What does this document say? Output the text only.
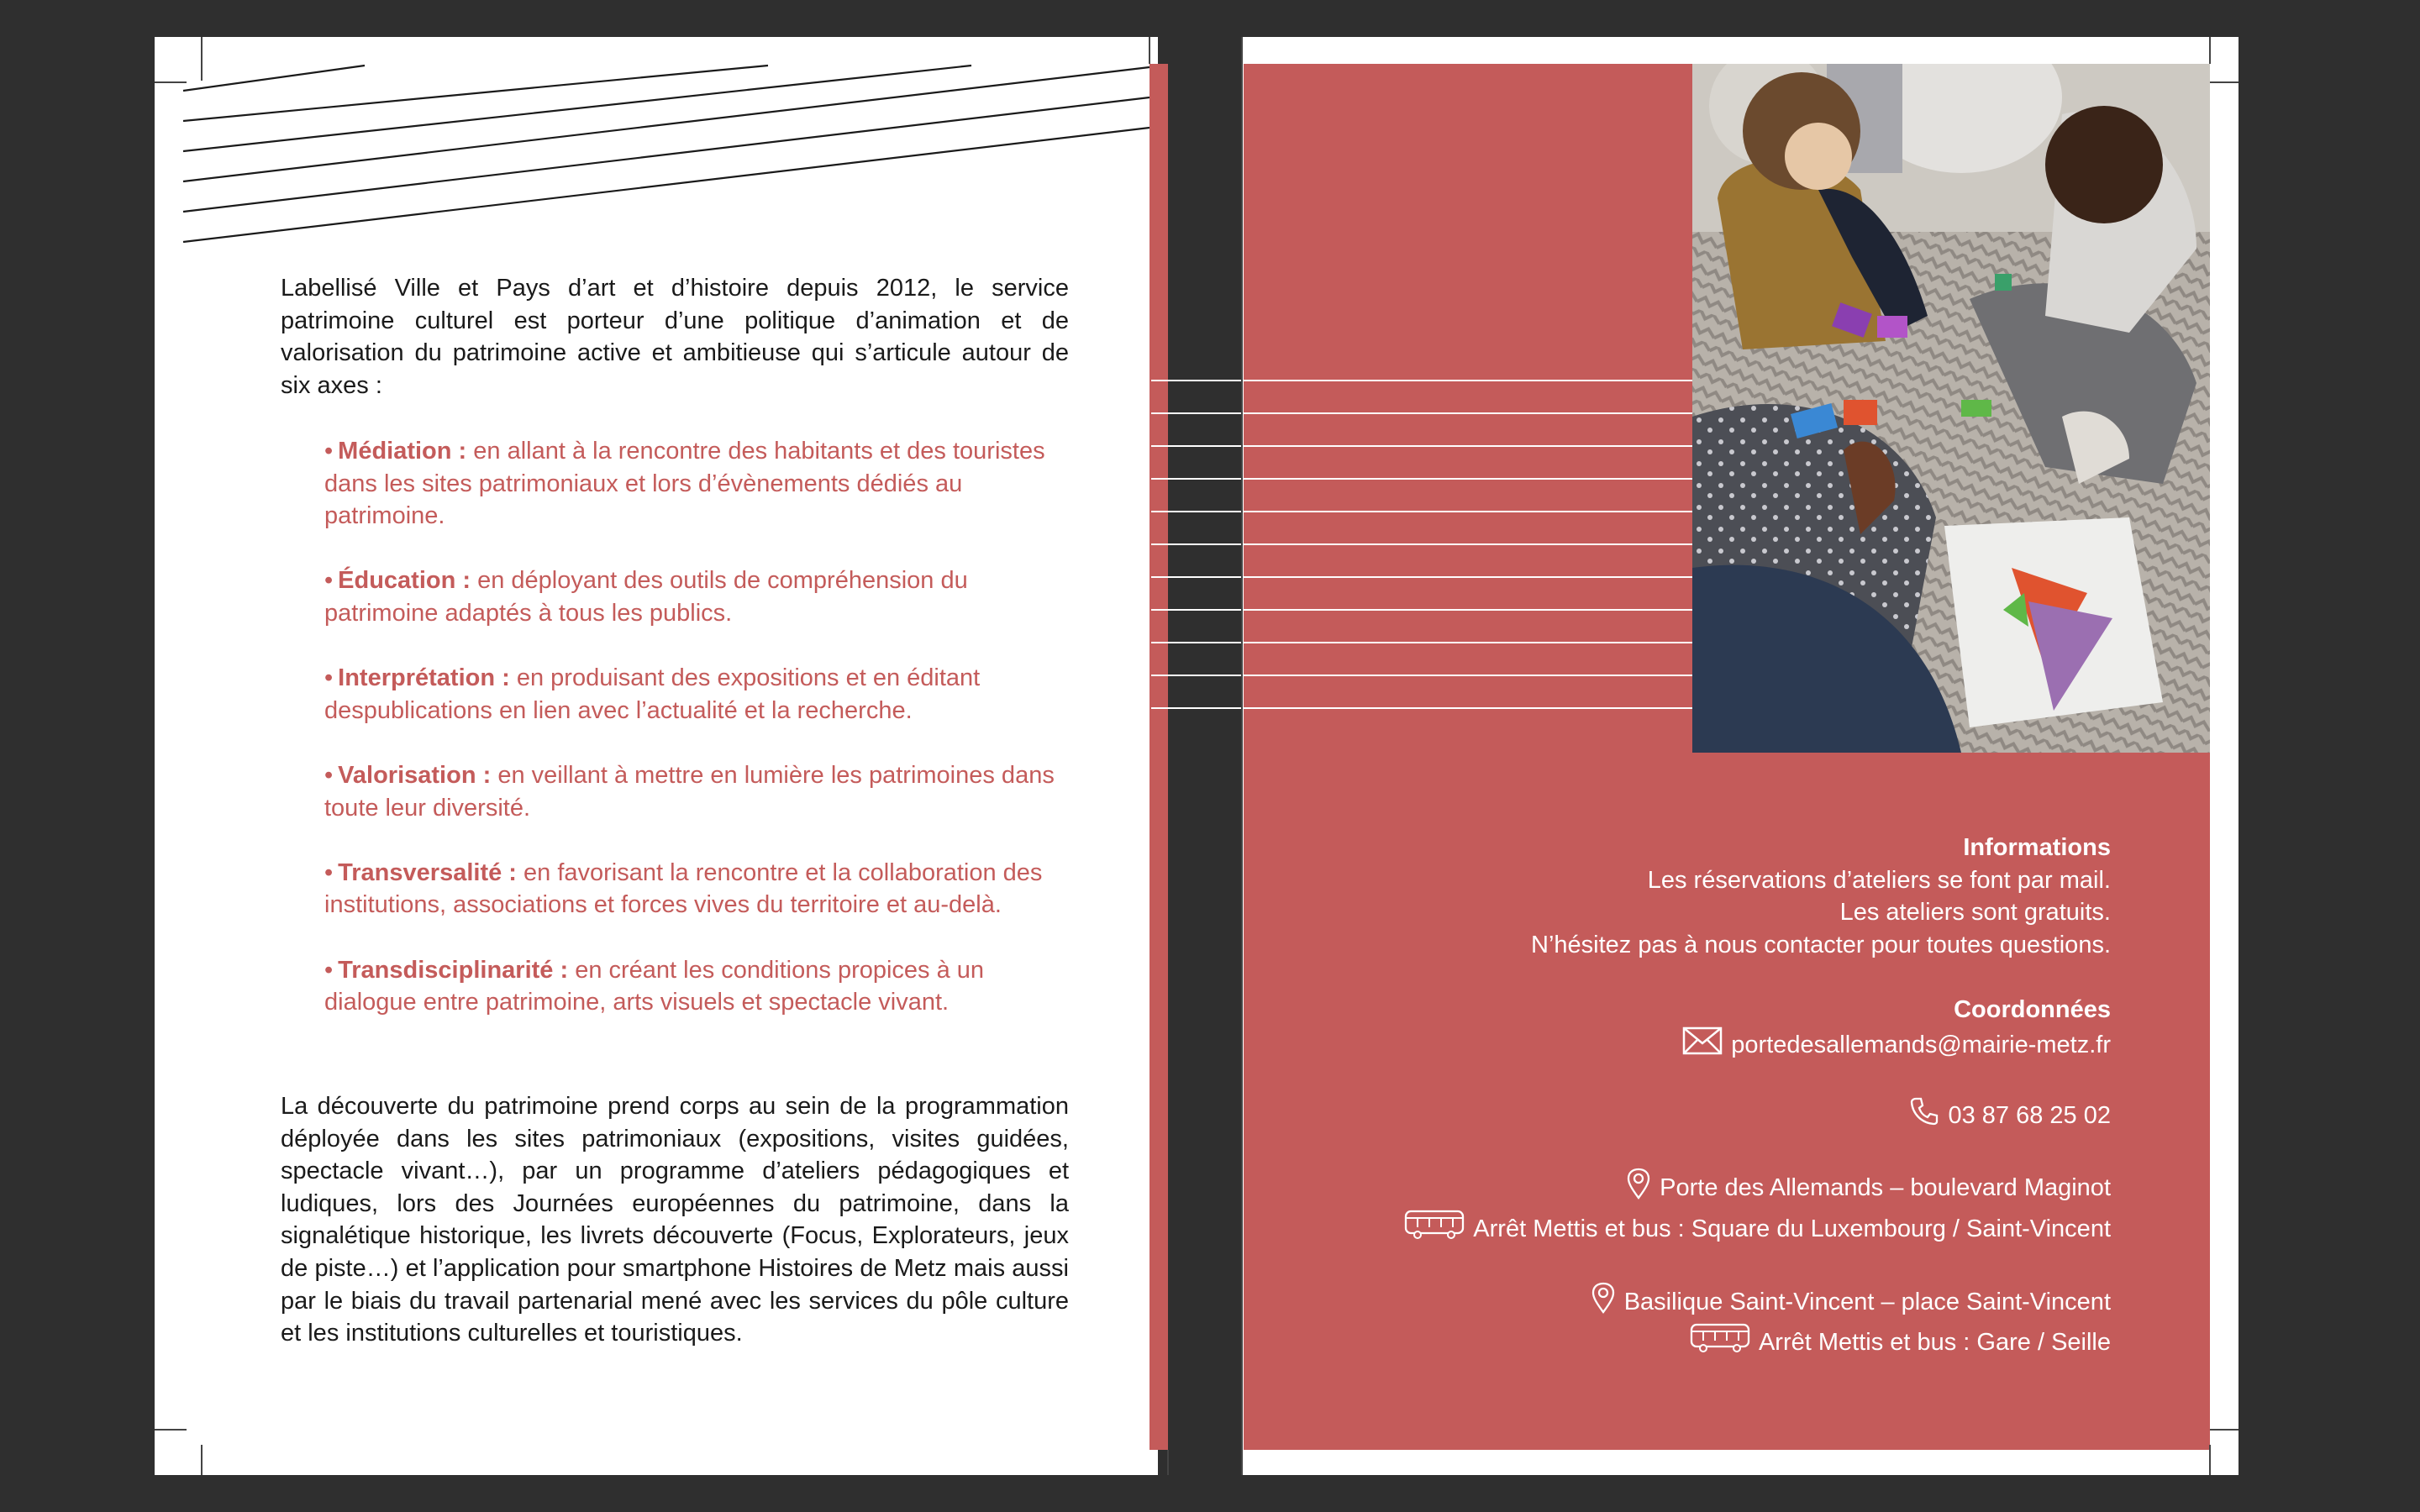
Labellisé Ville et Pays d’art et d’histoire depuis 2012, le service patrimoine culturel est porteur d’une politique d’animation et de valorisation du patrimoine active et ambitieuse qui s’articule autour de six axes :

• Médiation : en allant à la rencontre des habitants et des touristes dans les sites patrimoniaux et lors d’évènements dédiés au patrimoine.
• Éducation : en déployant des outils de compréhension du patrimoine adaptés à tous les publics.
• Interprétation : en produisant des expositions et en éditant despublications en lien avec l’actualité et la recherche.
• Valorisation : en veillant à mettre en lumière les patrimoines dans toute leur diversité.
• Transversalité : en favorisant la rencontre et la collaboration des institutions, associations et forces vives du territoire et au-delà.
• Transdisciplinarité : en créant les conditions propices à un dialogue entre patrimoine, arts visuels et spectacle vivant.

La découverte du patrimoine prend corps au sein de la programmation déployée dans les sites patrimoniaux (expositions, visites guidées, spectacle vivant…), par un programme d’ateliers pédagogiques et ludiques, lors des Journées européennes du patrimoine, dans la signalétique historique, les livrets découverte (Focus, Explorateurs, jeux de piste…) et l’application pour smartphone Histoires de Metz mais aussi par le biais du travail partenarial mené avec les services du pôle culture et les institutions culturelles et touristiques.

Informations
Les réservations d’ateliers se font par mail.
Les ateliers sont gratuits.
N’hésitez pas à nous contacter pour toutes questions.
Coordonnées
portedesallemands@mairie-metz.fr
03 87 68 25 02
Porte des Allemands – boulevard Maginot
Arrêt Mettis et bus : Square du Luxembourg / Saint-Vincent
Basilique Saint-Vincent – place Saint-Vincent
Arrêt Mettis et bus : Gare / Seille
